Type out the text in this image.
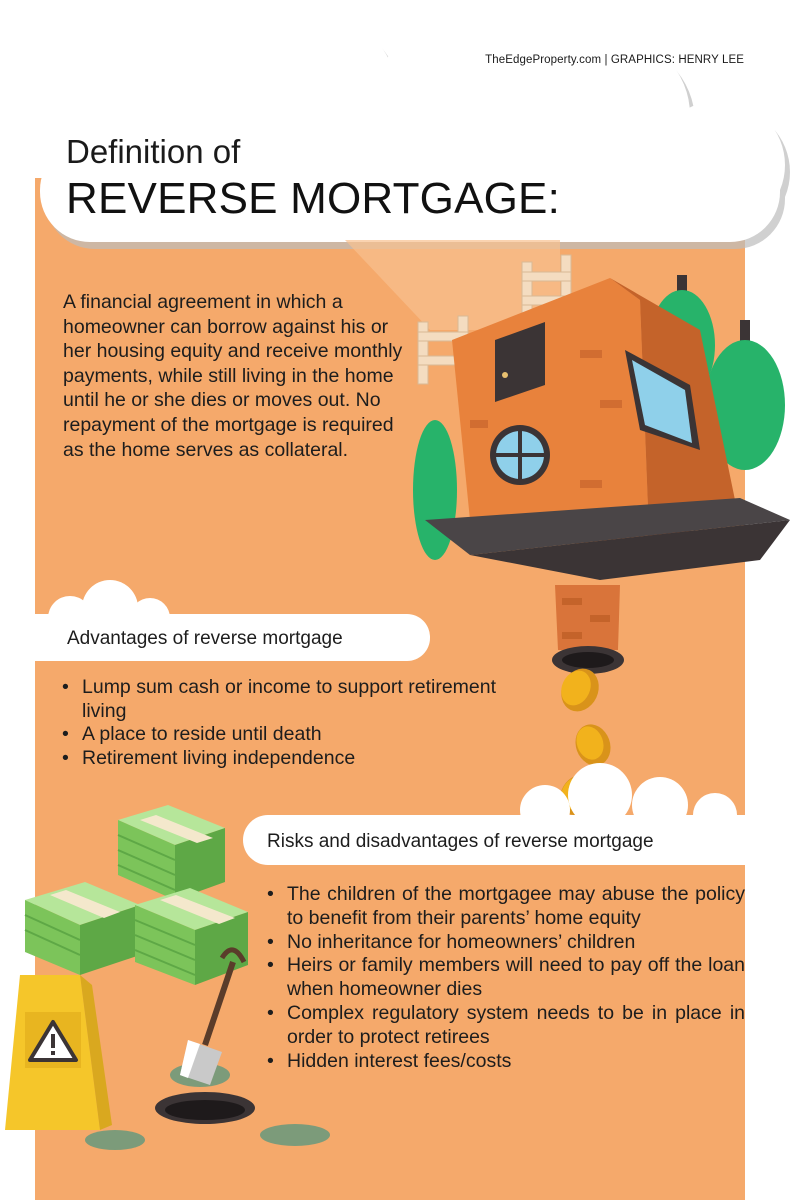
TheEdgeProperty.com | GRAPHICS: HENRY LEE
Definition of
REVERSE MORTGAGE:
A financial agreement in which a homeowner can borrow against his or her housing equity and receive monthly payments, while still living in the home until he or she dies or moves out. No repayment of the mortgage is required as the home serves as collateral.
Advantages of reverse mortgage
• Lump sum cash or income to support retirement living
• A place to reside until death
• Retirement living independence
Risks and disadvantages of reverse mortgage
• The children of the mortgagee may abuse the policy to benefit from their parents’ home equity
• No inheritance for homeowners’ children
• Heirs or family members will need to pay off the loan when homeowner dies
• Complex regulatory system needs to be in place in order to protect retirees
• Hidden interest fees/costs
